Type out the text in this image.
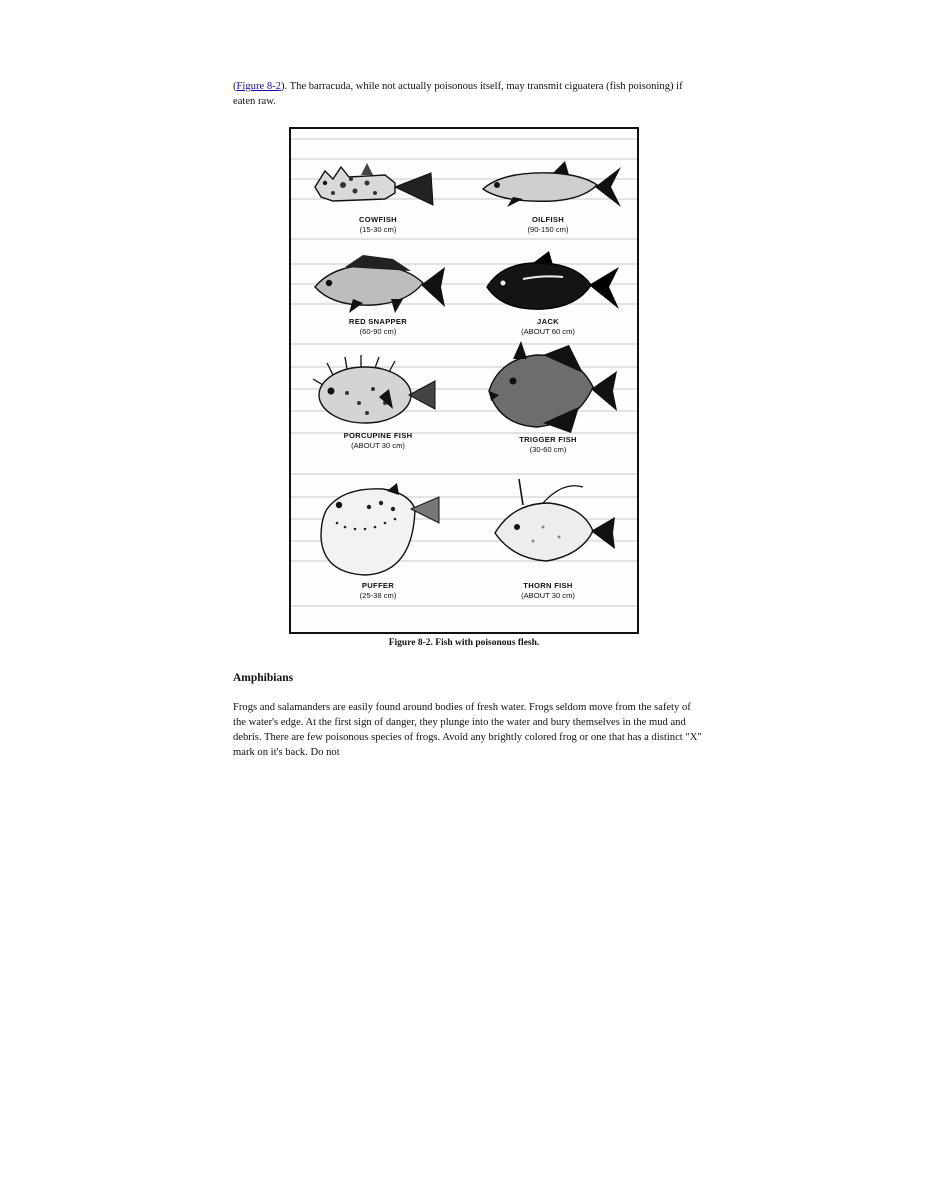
(Figure 8-2). The barracuda, while not actually poisonous itself, may transmit ciguatera (fish poisoning) if eaten raw.

COWFISH
(15-30 cm)
OILFISH
(90-150 cm)
RED SNAPPER
(60-90 cm)
JACK
(ABOUT 60 cm)
PORCUPINE FISH
(ABOUT 30 cm)
TRIGGER FISH
(30-60 cm)
PUFFER
(25-38 cm)
THORN FISH
(ABOUT 30 cm)
Figure 8-2. Fish with poisonous flesh.
Amphibians

Frogs and salamanders are easily found around bodies of fresh water. Frogs seldom move from the safety of the water's edge. At the first sign of danger, they plunge into the water and bury themselves in the mud and debris. There are few poisonous species of frogs. Avoid any brightly colored frog or one that has a distinct "X" mark on it's back. Do not
